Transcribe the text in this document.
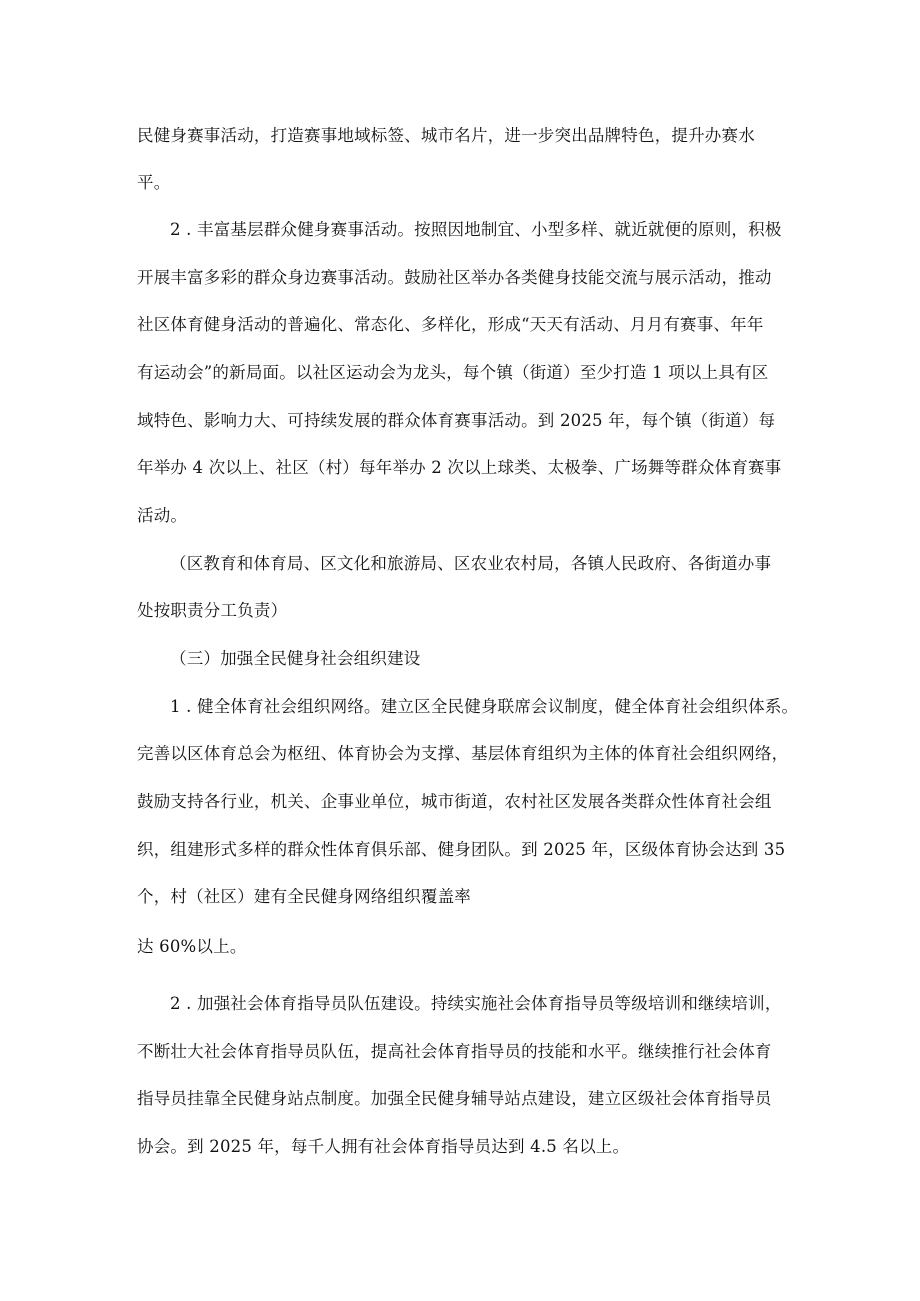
民健身赛事活动，打造赛事地域标签、城市名片，进一步突出品牌特色，提升办赛水
平。
2 . 丰富基层群众健身赛事活动。按照因地制宜、小型多样、就近就便的原则，积极
开展丰富多彩的群众身边赛事活动。鼓励社区举办各类健身技能交流与展示活动，推动
社区体育健身活动的普遍化、常态化、多样化，形成“天天有活动、月月有赛事、年年
有运动会”的新局面。以社区运动会为龙头，每个镇（街道）至少打造 1 项以上具有区
域特色、影响力大、可持续发展的群众体育赛事活动。到 2025 年，每个镇（街道）每
年举办 4 次以上、社区（村）每年举办 2 次以上球类、太极拳、广场舞等群众体育赛事
活动。
（区教育和体育局、区文化和旅游局、区农业农村局，各镇人民政府、各街道办事
处按职责分工负责）
（三）加强全民健身社会组织建设
1 . 健全体育社会组织网络。建立区全民健身联席会议制度，健全体育社会组织体系。
完善以区体育总会为枢纽、体育协会为支撑、基层体育组织为主体的体育社会组织网络，
鼓励支持各行业，机关、企事业单位，城市街道，农村社区发展各类群众性体育社会组
织，组建形式多样的群众性体育俱乐部、健身团队。到 2025 年，区级体育协会达到 35
个，村（社区）建有全民健身网络组织覆盖率
达 60%以上。
2 . 加强社会体育指导员队伍建设。持续实施社会体育指导员等级培训和继续培训，
不断壮大社会体育指导员队伍，提高社会体育指导员的技能和水平。继续推行社会体育
指导员挂靠全民健身站点制度。加强全民健身辅导站点建设，建立区级社会体育指导员
协会。到 2025 年，每千人拥有社会体育指导员达到 4.5 名以上。
